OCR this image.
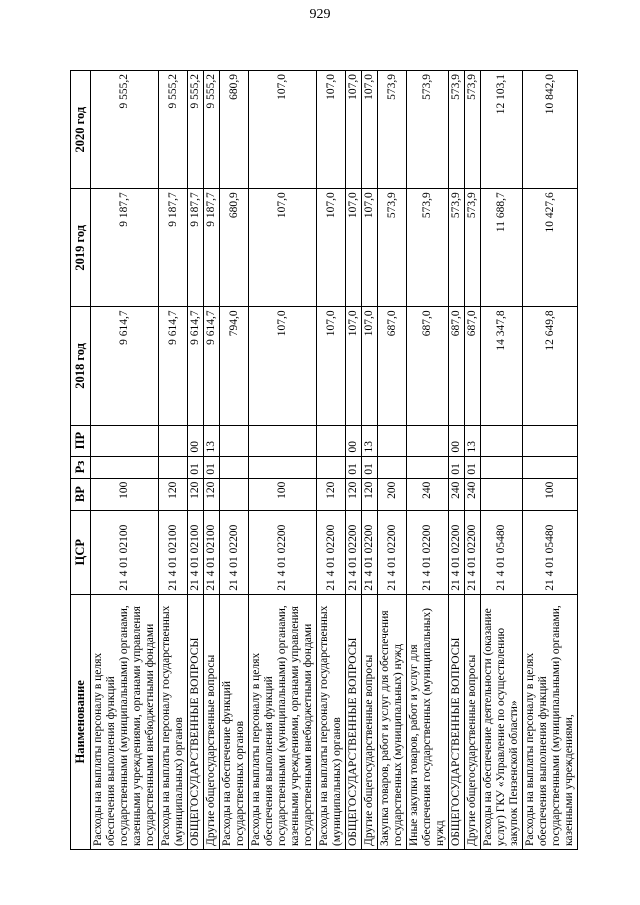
929
Наименование	ЦСР	ВР	Рз	ПР	2018 год	2019 год	2020 год
Расходы на выплаты персоналу в целях обеспечения выполнения функций государственными (муниципальными) органами, казенными учреждениями, органами управления государственными внебюджетными фондами	21 4 01 02100	100			9 614,7	9 187,7	9 555,2
Расходы на выплаты персоналу государственных (муниципальных) органов	21 4 01 02100	120			9 614,7	9 187,7	9 555,2
ОБЩЕГОСУДАРСТВЕННЫЕ ВОПРОСЫ	21 4 01 02100	120	01	00	9 614,7	9 187,7	9 555,2
Другие общегосударственные вопросы	21 4 01 02100	120	01	13	9 614,7	9 187,7	9 555,2
Расходы на обеспечение функций государственных органов	21 4 01 02200				794,0	680,9	680,9
Расходы на выплаты персоналу в целях обеспечения выполнения функций государственными (муниципальными) органами, казенными учреждениями, органами управления государственными внебюджетными фондами	21 4 01 02200	100			107,0	107,0	107,0
Расходы на выплаты персоналу государственных (муниципальных) органов	21 4 01 02200	120			107,0	107,0	107,0
ОБЩЕГОСУДАРСТВЕННЫЕ ВОПРОСЫ	21 4 01 02200	120	01	00	107,0	107,0	107,0
Другие общегосударственные вопросы	21 4 01 02200	120	01	13	107,0	107,0	107,0
Закупка товаров, работ и услуг для обеспечения государственных (муниципальных) нужд	21 4 01 02200	200			687,0	573,9	573,9
Иные закупки товаров, работ и услуг для обеспечения государственных (муниципальных) нужд	21 4 01 02200	240			687,0	573,9	573,9
ОБЩЕГОСУДАРСТВЕННЫЕ ВОПРОСЫ	21 4 01 02200	240	01	00	687,0	573,9	573,9
Другие общегосударственные вопросы	21 4 01 02200	240	01	13	687,0	573,9	573,9
Расходы на обеспечение деятельности (оказание услуг) ГКУ «Управление по осуществлению закупок Пензенской области»	21 4 01 05480				14 347,8	11 688,7	12 103,1
Расходы на выплаты персоналу в целях обеспечения выполнения функций государственными (муниципальными) органами, казенными учреждениями,	21 4 01 05480	100			12 649,8	10 427,6	10 842,0
